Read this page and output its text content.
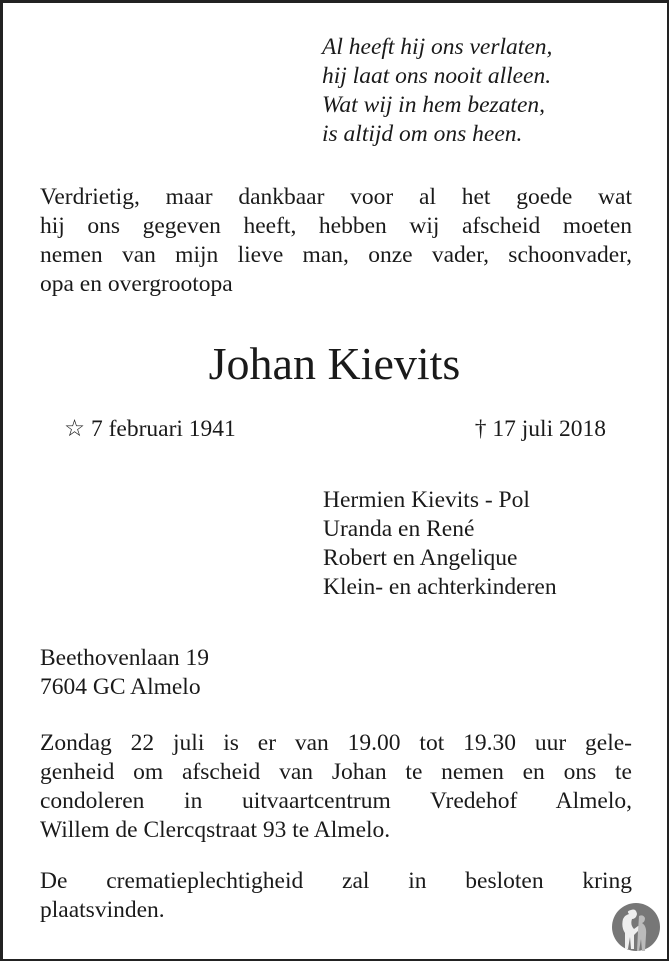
Al heeft hij ons verlaten,
hij laat ons nooit alleen.
Wat wij in hem bezaten,
is altijd om ons heen.
Verdrietig, maar dankbaar voor al het goede wat
hij ons gegeven heeft, hebben wij afscheid moeten
nemen van mijn lieve man, onze vader, schoonvader,
opa en overgrootopa
Johan Kievits
☆ 7 februari 1941	† 17 juli 2018
Hermien Kievits - Pol
Uranda en René
Robert en Angelique
Klein- en achterkinderen
Beethovenlaan 19
7604 GC Almelo
Zondag 22 juli is er van 19.00 tot 19.30 uur gele-
genheid om afscheid van Johan te nemen en ons te
condoleren in uitvaartcentrum Vredehof Almelo,
Willem de Clercqstraat 93 te Almelo.
De crematieplechtigheid zal in besloten kring
plaatsvinden.
